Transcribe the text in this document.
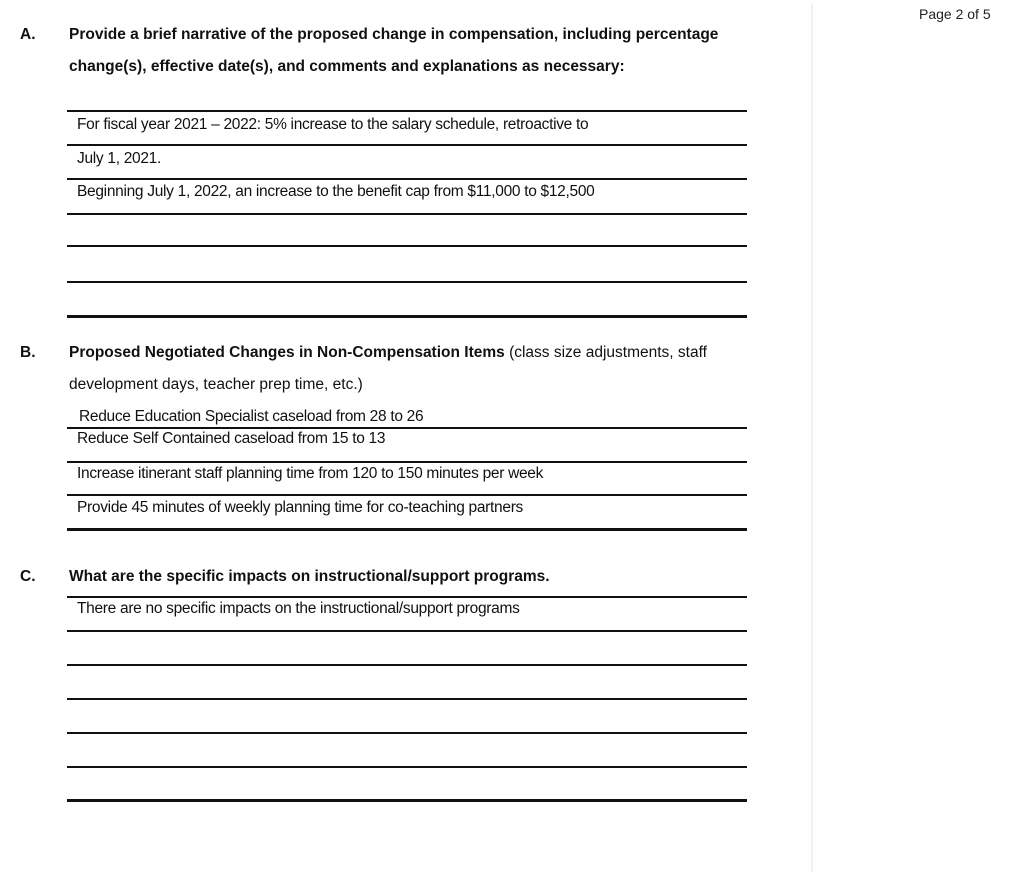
Page 2 of 5
A. Provide a brief narrative of the proposed change in compensation, including percentage
change(s), effective date(s), and comments and explanations as necessary:
For fiscal year 2021 – 2022: 5% increase to the salary schedule, retroactive to
July 1, 2021.
Beginning July 1, 2022, an increase to the benefit cap from $11,000 to $12,500
B. Proposed Negotiated Changes in Non-Compensation Items (class size adjustments, staff
development days, teacher prep time, etc.)
Reduce Education Specialist caseload from 28 to 26
Reduce Self Contained caseload from 15 to 13
Increase itinerant staff planning time from 120 to 150 minutes per week
Provide 45 minutes of weekly planning time for co-teaching partners
C. What are the specific impacts on instructional/support programs.
There are no specific impacts on the instructional/support programs
